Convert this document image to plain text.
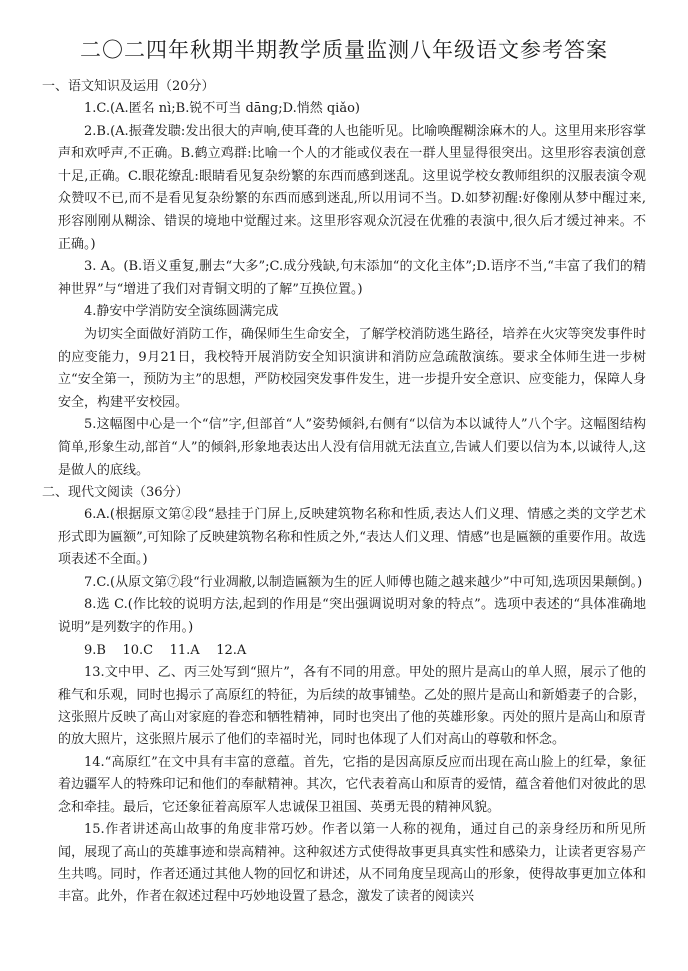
二〇二四年秋期半期教学质量监测八年级语文参考答案
一、语文知识及运用（20分）

1.C.(A.匿名 nì;B.锐不可当 dāng;D.悄然 qiǎo)

2.B.(A.振聋发聩:发出很大的声响,使耳聋的人也能听见。比喻唤醒糊涂麻木的人。这里用来形容掌声和欢呼声,不正确。B.鹤立鸡群:比喻一个人的才能或仪表在一群人里显得很突出。这里形容表演创意十足,正确。C.眼花缭乱:眼睛看见复杂纷繁的东西而感到迷乱。这里说学校女教师组织的汉服表演令观众赞叹不已,而不是看见复杂纷繁的东西而感到迷乱,所以用词不当。D.如梦初醒:好像刚从梦中醒过来,形容刚刚从糊涂、错误的境地中觉醒过来。这里形容观众沉浸在优雅的表演中,很久后才缓过神来。不正确。)

3. A。(B.语义重复,删去“大多”;C.成分残缺,句末添加“的文化主体”;D.语序不当,“丰富了我们的精神世界”与“增进了我们对青铜文明的了解”互换位置。)

4.静安中学消防安全演练圆满完成

为切实全面做好消防工作，确保师生生命安全，了解学校消防逃生路径，培养在火灾等突发事件时的应变能力，9月21日，我校特开展消防安全知识演讲和消防应急疏散演练。要求全体师生进一步树立“安全第一，预防为主”的思想，严防校园突发事件发生，进一步提升安全意识、应变能力，保障人身安全，构建平安校园。

5.这幅图中心是一个“信”字,但部首“人”姿势倾斜,右侧有“以信为本以诚待人”八个字。这幅图结构简单,形象生动,部首“人”的倾斜,形象地表达出人没有信用就无法直立,告诫人们要以信为本,以诚待人,这是做人的底线。

二、现代文阅读（36分）

6.A.(根据原文第②段“悬挂于门屏上,反映建筑物名称和性质,表达人们义理、情感之类的文学艺术形式即为匾额”,可知除了反映建筑物名称和性质之外,“表达人们义理、情感”也是匾额的重要作用。故选项表述不全面。)

7.C.(从原文第⑦段“行业凋敝,以制造匾额为生的匠人师傅也随之越来越少”中可知,选项因果颠倒。)

8.选 C.(作比较的说明方法,起到的作用是“突出强调说明对象的特点”。选项中表述的“具体准确地说明”是列数字的作用。)

9.B    10.C    11.A    12.A

13.文中甲、乙、丙三处写到“照片”，各有不同的用意。甲处的照片是高山的单人照，展示了他的稚气和乐观，同时也揭示了高原红的特征，为后续的故事铺垫。乙处的照片是高山和新婚妻子的合影，这张照片反映了高山对家庭的眷恋和牺牲精神，同时也突出了他的英雄形象。丙处的照片是高山和原青的放大照片，这张照片展示了他们的幸福时光，同时也体现了人们对高山的尊敬和怀念。

14.“高原红”在文中具有丰富的意蕴。首先，它指的是因高原反应而出现在高山脸上的红晕，象征着边疆军人的特殊印记和他们的奉献精神。其次，它代表着高山和原青的爱情，蕴含着他们对彼此的思念和牵挂。最后，它还象征着高原军人忠诚保卫祖国、英勇无畏的精神风貌。

15.作者讲述高山故事的角度非常巧妙。作者以第一人称的视角，通过自己的亲身经历和所见所闻，展现了高山的英雄事迹和崇高精神。这种叙述方式使得故事更具真实性和感染力，让读者更容易产生共鸣。同时，作者还通过其他人物的回忆和讲述，从不同角度呈现高山的形象，使得故事更加立体和丰富。此外，作者在叙述过程中巧妙地设置了悬念，激发了读者的阅读兴
